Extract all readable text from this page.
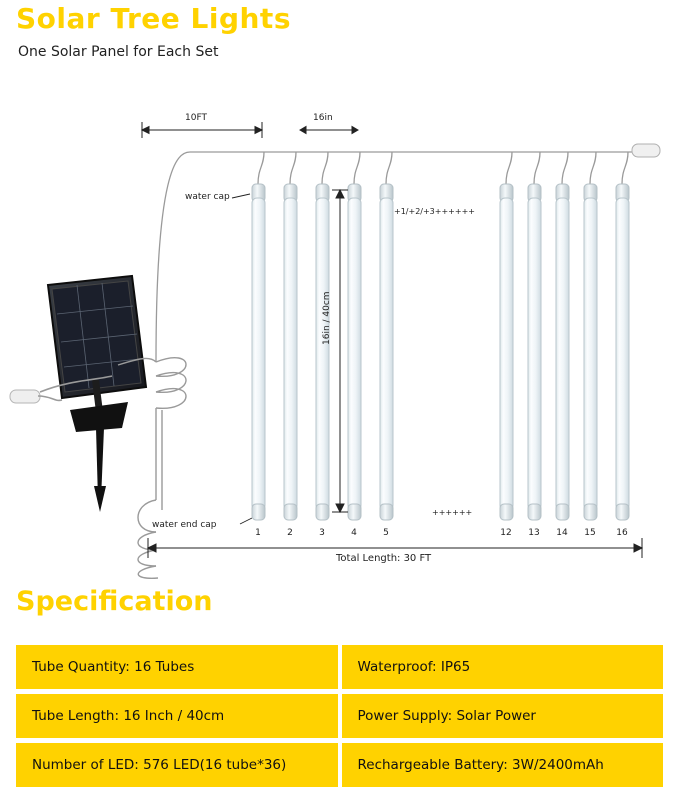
Solar Tree Lights
One Solar Panel for Each Set
10FT	16in
water cap
water end cap
16in / 40cm
+1/+2/+3++++++
++++++
Total Length: 30 FT
1	2	3	4	5	12 13 14 15 16
Specification
Tube Quantity: 16 Tubes	Waterproof: IP65
Tube Length: 16 Inch / 40cm	Power Supply: Solar Power
Number of LED: 576 LED(16 tube*36)	Rechargeable Battery: 3W/2400mAh
